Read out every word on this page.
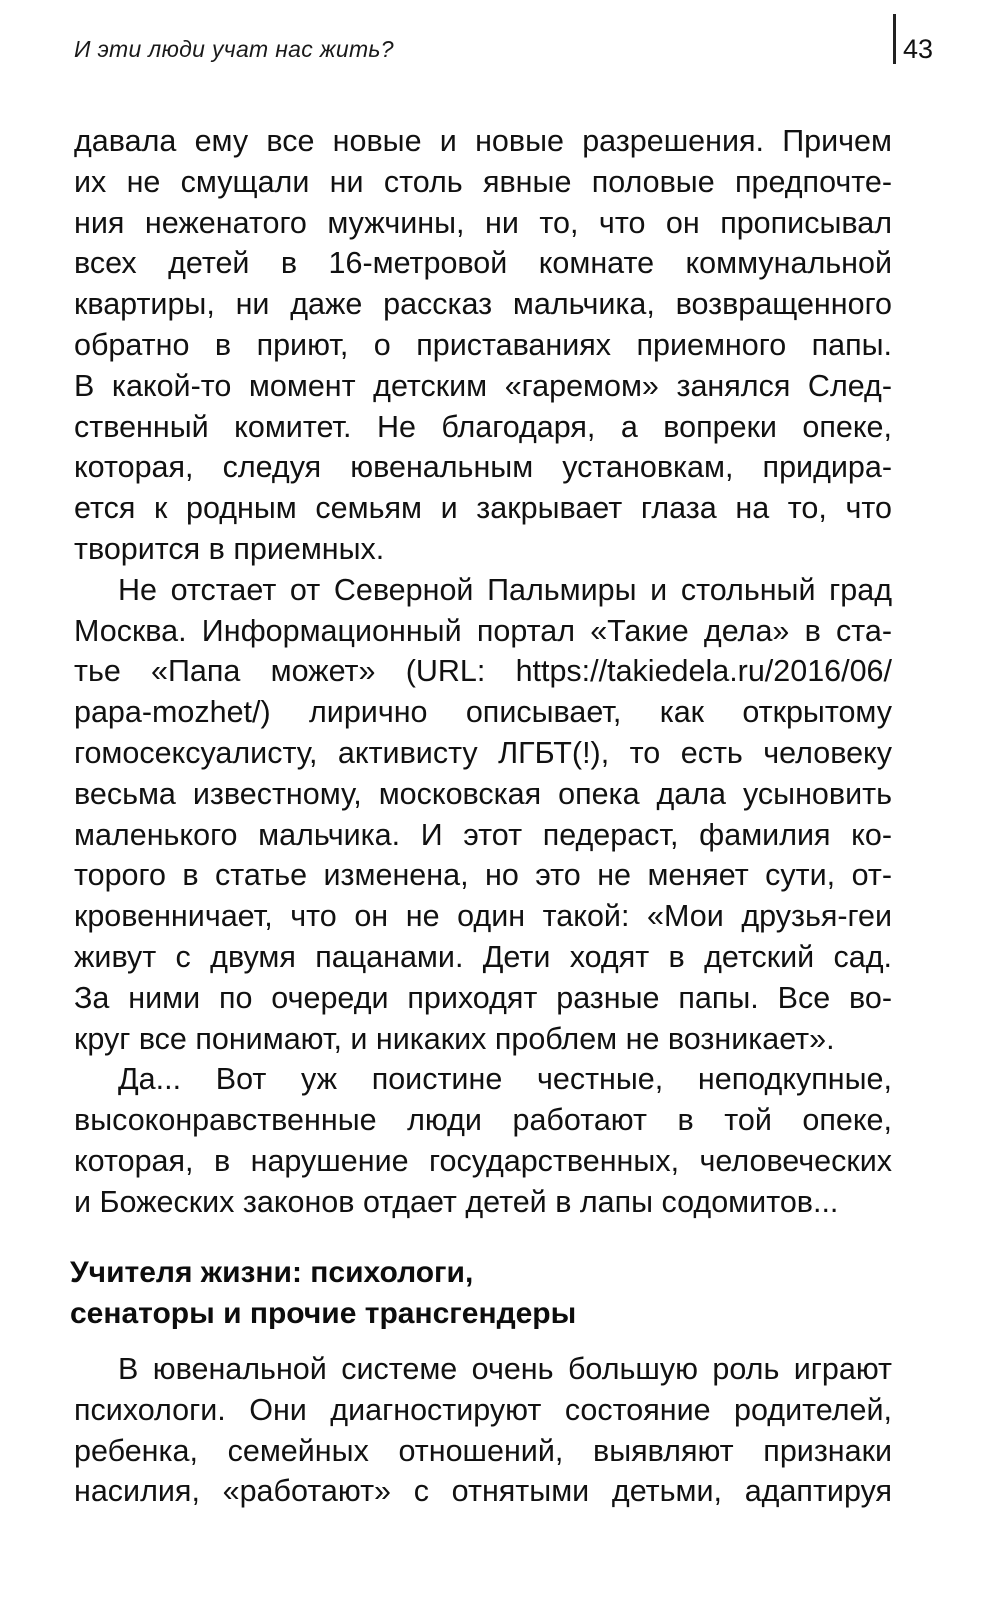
И эти люди учат нас жить?	43
давала ему все новые и новые разрешения. Причем
их не смущали ни столь явные половые предпочте-
ния неженатого мужчины, ни то, что он прописывал
всех детей в 16-метровой комнате коммунальной
квартиры, ни даже рассказ мальчика, возвращенного
обратно в приют, о приставаниях приемного папы.
В какой-то момент детским «гаремом» занялся След-
ственный комитет. Не благодаря, а вопреки опеке,
которая, следуя ювенальным установкам, придира-
ется к родным семьям и закрывает глаза на то, что
творится в приемных.
Не отстает от Северной Пальмиры и стольный град
Москва. Информационный портал «Такие дела» в ста-
тье «Папа может» (URL: https://takiedela.ru/2016/06/
papa-mozhet/) лирично описывает, как открытому
гомосексуалисту, активисту ЛГБТ(!), то есть человеку
весьма известному, московская опека дала усыновить
маленького мальчика. И этот педераст, фамилия ко-
торого в статье изменена, но это не меняет сути, от-
кровенничает, что он не один такой: «Мои друзья-геи
живут с двумя пацанами. Дети ходят в детский сад.
За ними по очереди приходят разные папы. Все во-
круг все понимают, и никаких проблем не возникает».
Да... Вот уж поистине честные, неподкупные,
высоконравственные люди работают в той опеке,
которая, в нарушение государственных, человеческих
и Божеских законов отдает детей в лапы содомитов...
Учителя жизни: психологи,
сенаторы и прочие трансгендеры
В ювенальной системе очень большую роль играют
психологи. Они диагностируют состояние родителей,
ребенка, семейных отношений, выявляют признаки
насилия, «работают» с отнятыми детьми, адаптируя
